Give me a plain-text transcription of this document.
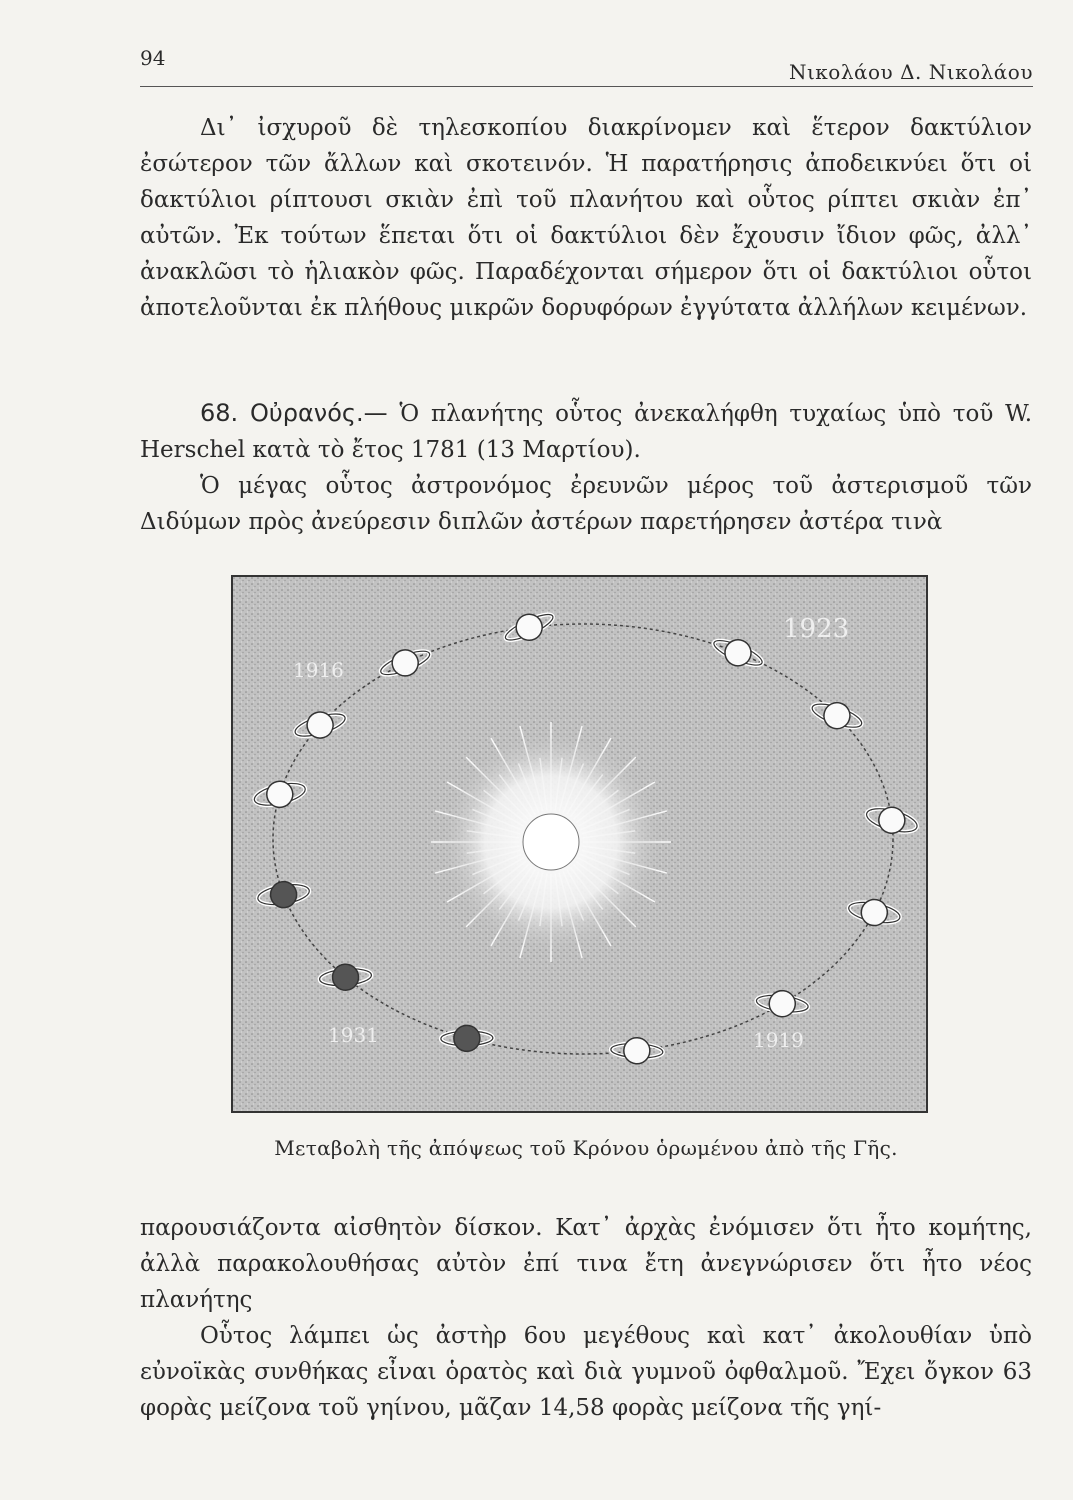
94
Νικολάου Δ. Νικολάου

Δι᾽ ἰσχυροῦ δὲ τηλεσκοπίου διακρίνομεν καὶ ἕτερον δακτύλιον ἐσώτερον τῶν ἄλλων καὶ σκοτεινόν. Ἡ παρατήρησις ἀποδεικνύει ὅτι οἱ δακτύλιοι ρίπτουσι σκιὰν ἐπὶ τοῦ πλανήτου καὶ οὗτος ρίπτει σκιὰν ἐπ᾽ αὐτῶν. Ἐκ τούτων ἕπεται ὅτι οἱ δακτύλιοι δὲν ἔχουσιν ἴδιον φῶς, ἀλλ᾽ ἀνακλῶσι τὸ ἡλιακὸν φῶς. Παραδέχονται σήμερον ὅτι οἱ δακτύλιοι οὗτοι ἀποτελοῦνται ἐκ πλήθους μικρῶν δορυφόρων ἐγγύτατα ἀλλήλων κειμένων.

68. Οὐρανός.— Ὁ πλανήτης οὗτος ἀνεκαλήφθη τυχαίως ὑπὸ τοῦ W. Herschel κατὰ τὸ ἔτος 1781 (13 Μαρτίου).

Ὁ μέγας οὗτος ἀστρονόμος ἐρευνῶν μέρος τοῦ ἀστερισμοῦ τῶν Διδύμων πρὸς ἀνεύρεσιν διπλῶν ἀστέρων παρετήρησεν ἀστέρα τινὰ

1923
1916
1931	1919
Μεταβολὴ τῆς ἀπόψεως τοῦ Κρόνου ὁρωμένου ἀπὸ τῆς Γῆς.

παρουσιάζοντα αἰσθητὸν δίσκον. Κατ᾽ ἀρχὰς ἐνόμισεν ὅτι ἦτο κομήτης, ἀλλὰ παρακολουθήσας αὐτὸν ἐπί τινα ἔτη ἀνεγνώρισεν ὅτι ἦτο νέος πλανήτης

Οὗτος λάμπει ὡς ἀστὴρ 6ου μεγέθους καὶ κατ᾽ ἀκολουθίαν ὑπὸ εὐνοϊκὰς συνθήκας εἶναι ὁρατὸς καὶ διὰ γυμνοῦ ὀφθαλμοῦ. Ἔχει ὄγκον 63 φορὰς μείζονα τοῦ γηίνου, μᾶζαν 14,58 φορὰς μείζονα τῆς γηί-
